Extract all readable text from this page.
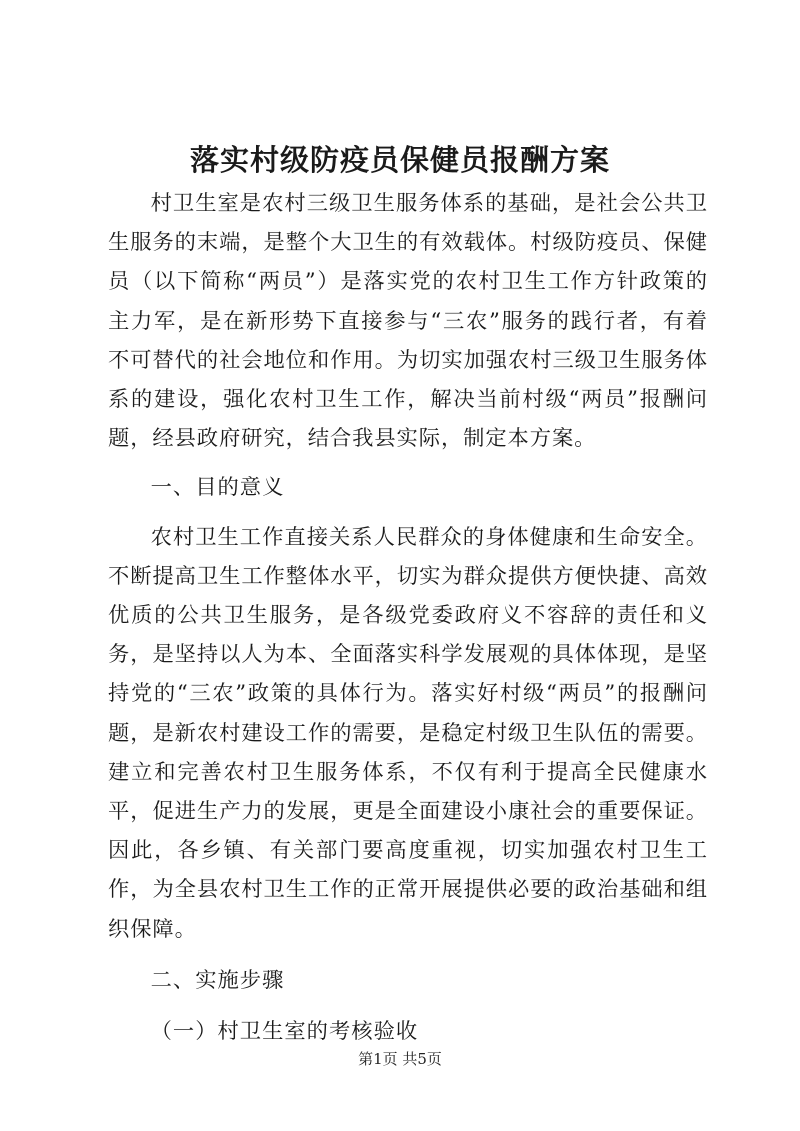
落实村级防疫员保健员报酬方案

村卫生室是农村三级卫生服务体系的基础，是社会公共卫生服务的末端，是整个大卫生的有效载体。村级防疫员、保健员（以下简称“两员”）是落实党的农村卫生工作方针政策的主力军，是在新形势下直接参与“三农”服务的践行者，有着不可替代的社会地位和作用。为切实加强农村三级卫生服务体系的建设，强化农村卫生工作，解决当前村级“两员”报酬问题，经县政府研究，结合我县实际，制定本方案。

一、目的意义

农村卫生工作直接关系人民群众的身体健康和生命安全。不断提高卫生工作整体水平，切实为群众提供方便快捷、高效优质的公共卫生服务，是各级党委政府义不容辞的责任和义务，是坚持以人为本、全面落实科学发展观的具体体现，是坚持党的“三农”政策的具体行为。落实好村级“两员”的报酬问题，是新农村建设工作的需要，是稳定村级卫生队伍的需要。建立和完善农村卫生服务体系，不仅有利于提高全民健康水平，促进生产力的发展，更是全面建设小康社会的重要保证。因此，各乡镇、有关部门要高度重视，切实加强农村卫生工作，为全县农村卫生工作的正常开展提供必要的政治基础和组织保障。

二、实施步骤

（一）村卫生室的考核验收

第1页 共5页
